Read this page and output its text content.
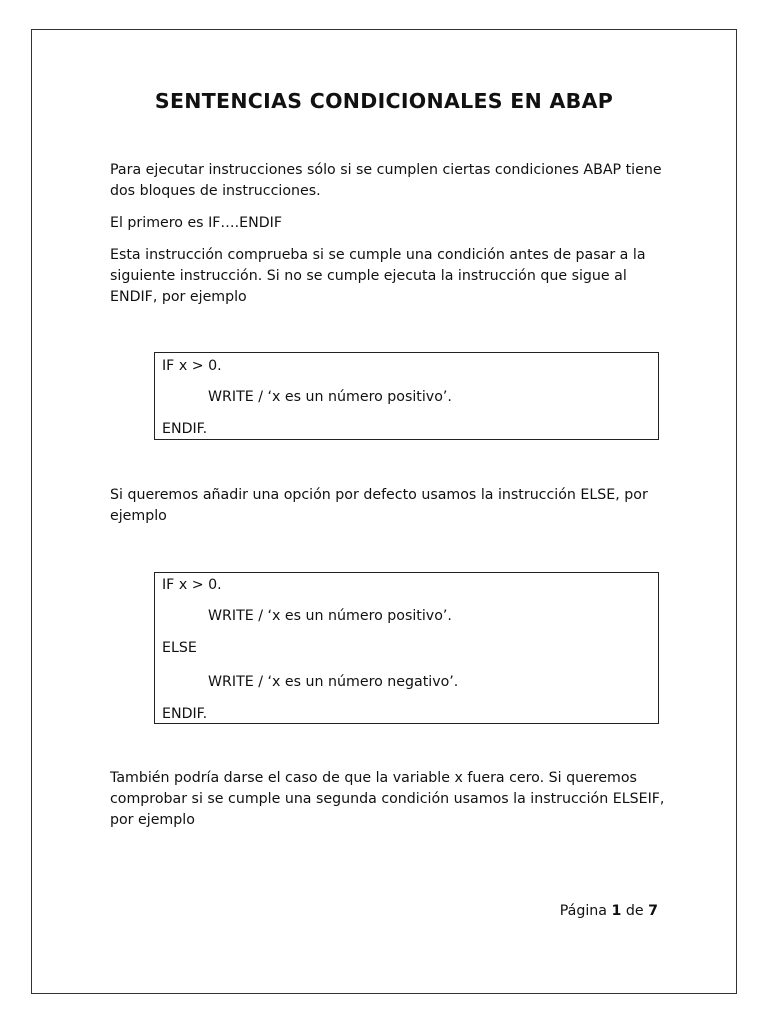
SENTENCIAS CONDICIONALES EN ABAP

Para ejecutar instrucciones sólo si se cumplen ciertas condiciones ABAP tiene dos bloques de instrucciones.

El primero es IF….ENDIF

Esta instrucción comprueba si se cumple una condición antes de pasar a la siguiente instrucción. Si no se cumple ejecuta la instrucción que sigue al ENDIF, por ejemplo

IF x > 0.
WRITE / ‘x es un número positivo’.
ENDIF.

Si queremos añadir una opción por defecto usamos la instrucción ELSE, por ejemplo

IF x > 0.
WRITE / ‘x es un número positivo’.
ELSE
WRITE / ‘x es un número negativo’.
ENDIF.

También podría darse el caso de que la variable x fuera cero. Si queremos comprobar si se cumple una segunda condición usamos la instrucción ELSEIF, por ejemplo

Página 1 de 7
